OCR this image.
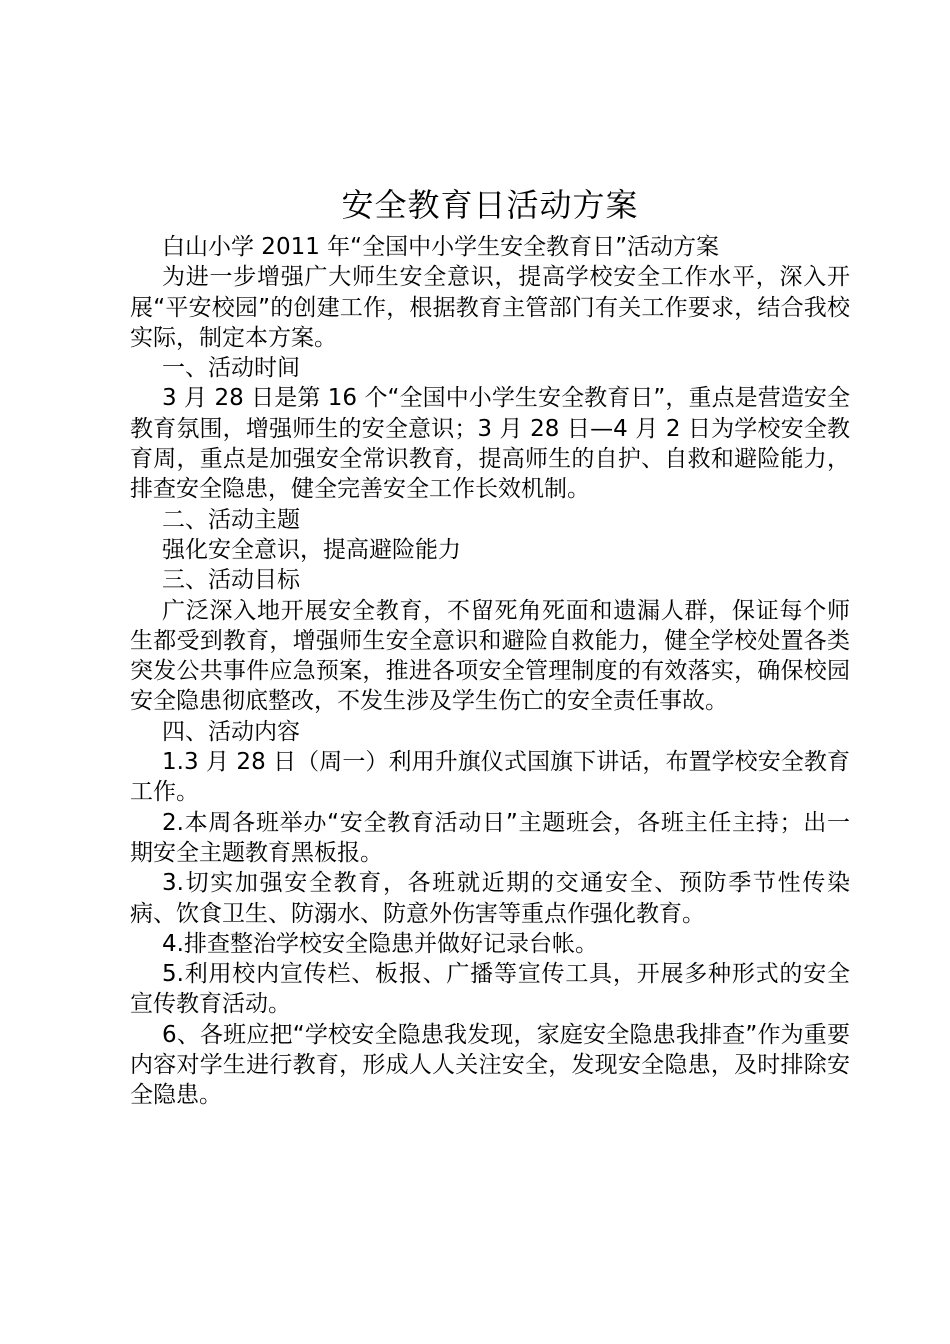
安全教育日活动方案

白山小学 2011 年“全国中小学生安全教育日”活动方案

为进一步增强广大师生安全意识，提高学校安全工作水平，深入开展“平安校园”的创建工作，根据教育主管部门有关工作要求，结合我校实际，制定本方案。

一、活动时间

3 月 28 日是第 16 个“全国中小学生安全教育日”，重点是营造安全教育氛围，增强师生的安全意识；3 月 28 日—4 月 2 日为学校安全教育周，重点是加强安全常识教育，提高师生的自护、自救和避险能力，排查安全隐患，健全完善安全工作长效机制。

二、活动主题

强化安全意识，提高避险能力

三、活动目标

广泛深入地开展安全教育，不留死角死面和遗漏人群，保证每个师生都受到教育，增强师生安全意识和避险自救能力，健全学校处置各类突发公共事件应急预案，推进各项安全管理制度的有效落实，确保校园安全隐患彻底整改，不发生涉及学生伤亡的安全责任事故。

四、活动内容

1.3 月 28 日（周一）利用升旗仪式国旗下讲话，布置学校安全教育工作。

2.本周各班举办“安全教育活动日”主题班会，各班主任主持；出一期安全主题教育黑板报。

3.切实加强安全教育，各班就近期的交通安全、预防季节性传染病、饮食卫生、防溺水、防意外伤害等重点作强化教育。

4.排查整治学校安全隐患并做好记录台帐。

5.利用校内宣传栏、板报、广播等宣传工具，开展多种形式的安全宣传教育活动。

6、各班应把“学校安全隐患我发现，家庭安全隐患我排查”作为重要内容对学生进行教育，形成人人关注安全，发现安全隐患，及时排除安全隐患。
